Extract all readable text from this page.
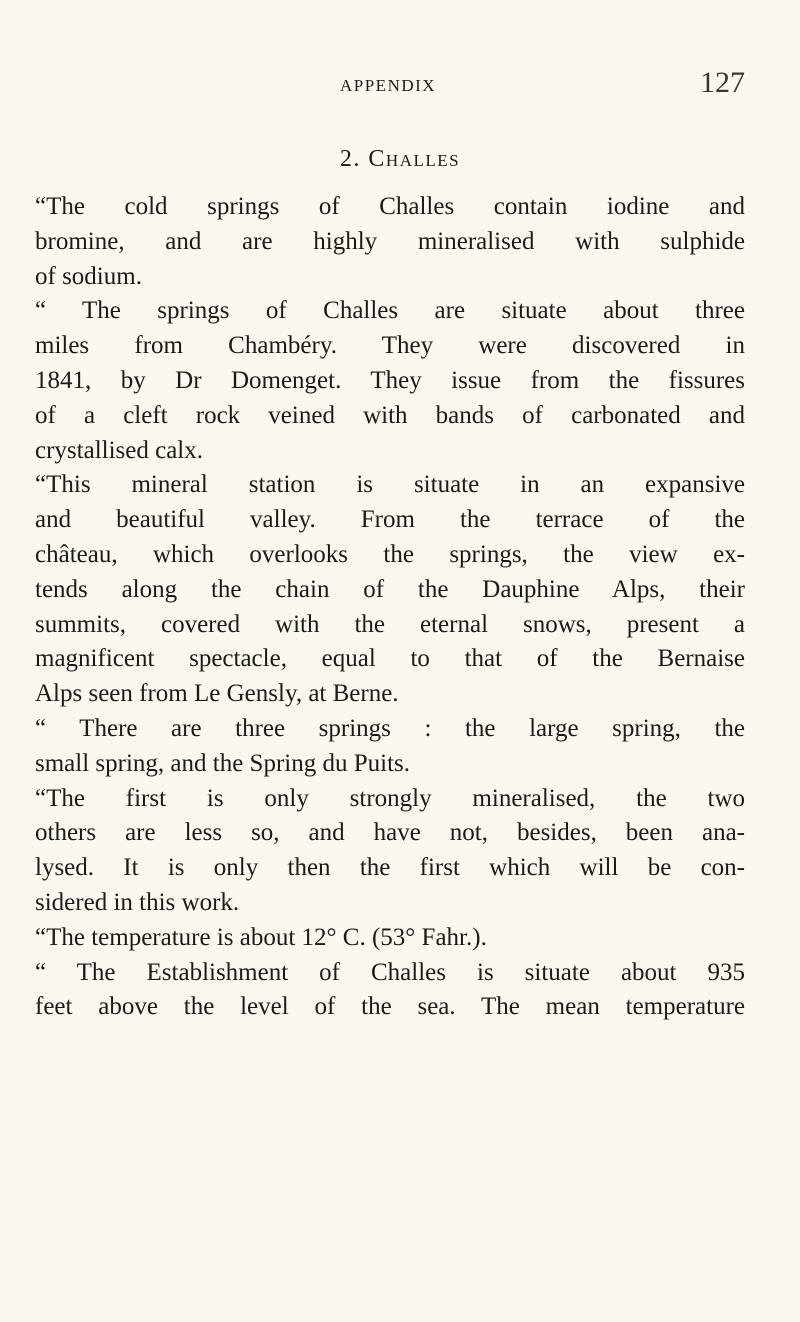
APPENDIX	127
2. Challes

“The cold springs of Challes contain iodine and
bromine, and are highly mineralised with sulphide
of sodium.

“ The springs of Challes are situate about three
miles from Chambéry. They were discovered in
1841, by Dr Domenget. They issue from the fissures
of a cleft rock veined with bands of carbonated and
crystallised calx.

“This mineral station is situate in an expansive
and beautiful valley. From the terrace of the
château, which overlooks the springs, the view ex-
tends along the chain of the Dauphine Alps, their
summits, covered with the eternal snows, present a
magnificent spectacle, equal to that of the Bernaise
Alps seen from Le Gensly, at Berne.

“ There are three springs : the large spring, the
small spring, and the Spring du Puits.

“The first is only strongly mineralised, the two
others are less so, and have not, besides, been ana-
lysed. It is only then the first which will be con-
sidered in this work.

“The temperature is about 12° C. (53° Fahr.).

“ The Establishment of Challes is situate about 935
feet above the level of the sea. The mean temperature
